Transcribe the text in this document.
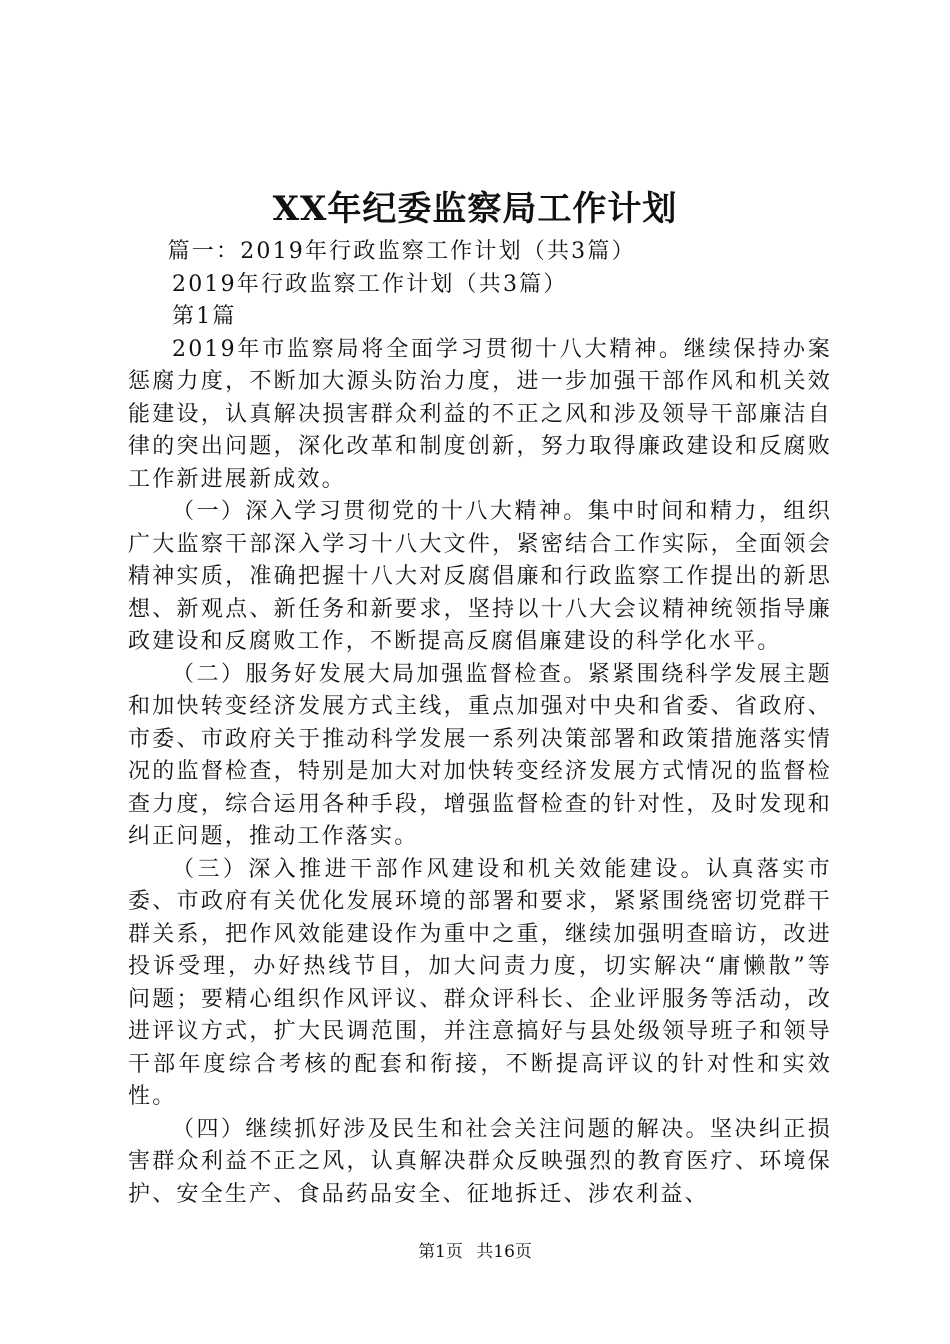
XX年纪委监察局工作计划

篇一：2019年行政监察工作计划（共3篇）

2019年行政监察工作计划（共3篇）

第1篇

2019年市监察局将全面学习贯彻十八大精神。继续保持办案惩腐力度，不断加大源头防治力度，进一步加强干部作风和机关效能建设，认真解决损害群众利益的不正之风和涉及领导干部廉洁自律的突出问题，深化改革和制度创新，努力取得廉政建设和反腐败工作新进展新成效。

（一）深入学习贯彻党的十八大精神。集中时间和精力，组织广大监察干部深入学习十八大文件，紧密结合工作实际，全面领会精神实质，准确把握十八大对反腐倡廉和行政监察工作提出的新思想、新观点、新任务和新要求，坚持以十八大会议精神统领指导廉政建设和反腐败工作，不断提高反腐倡廉建设的科学化水平。

（二）服务好发展大局加强监督检查。紧紧围绕科学发展主题和加快转变经济发展方式主线，重点加强对中央和省委、省政府、市委、市政府关于推动科学发展一系列决策部署和政策措施落实情况的监督检查，特别是加大对加快转变经济发展方式情况的监督检查力度，综合运用各种手段，增强监督检查的针对性，及时发现和纠正问题，推动工作落实。

（三）深入推进干部作风建设和机关效能建设。认真落实市委、市政府有关优化发展环境的部署和要求，紧紧围绕密切党群干群关系，把作风效能建设作为重中之重，继续加强明查暗访，改进投诉受理，办好热线节目，加大问责力度，切实解决“庸懒散”等问题；要精心组织作风评议、群众评科长、企业评服务等活动，改进评议方式，扩大民调范围，并注意搞好与县处级领导班子和领导干部年度综合考核的配套和衔接，不断提高评议的针对性和实效性。

（四）继续抓好涉及民生和社会关注问题的解决。坚决纠正损害群众利益不正之风，认真解决群众反映强烈的教育医疗、环境保护、安全生产、食品药品安全、征地拆迁、涉农利益、

第1页 共16页
